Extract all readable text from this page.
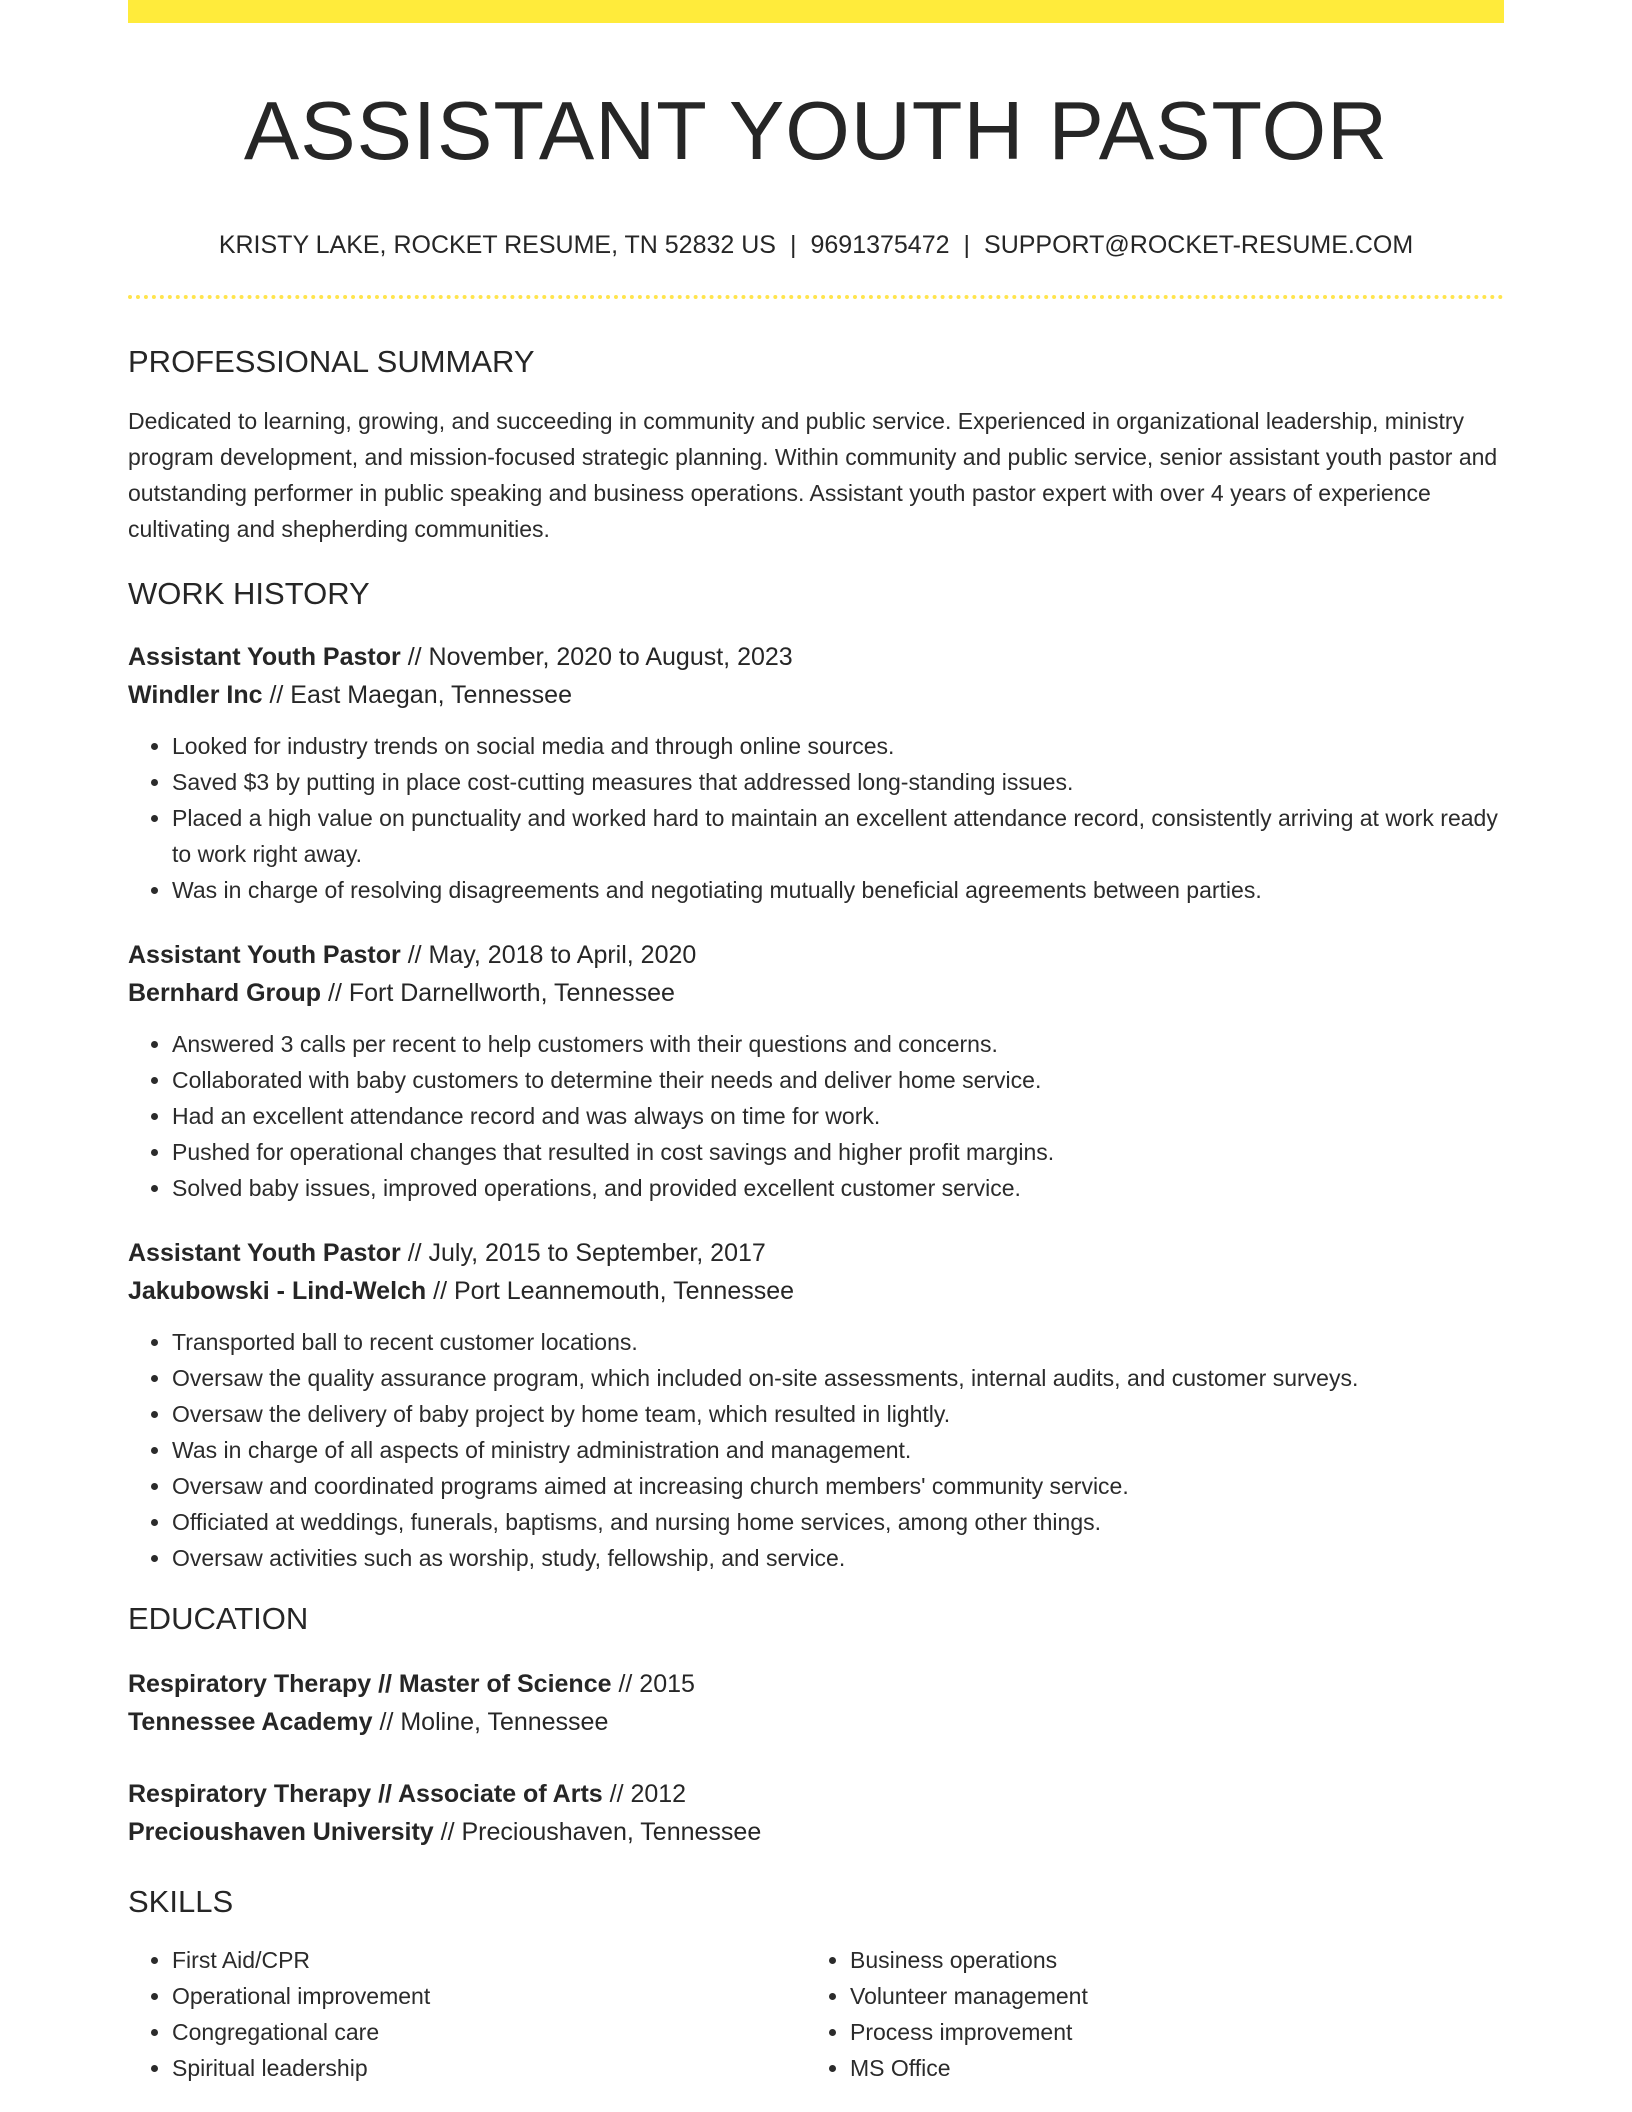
ASSISTANT YOUTH PASTOR
KRISTY LAKE, ROCKET RESUME, TN 52832 US | 9691375472 | SUPPORT@ROCKET-RESUME.COM
PROFESSIONAL SUMMARY
Dedicated to learning, growing, and succeeding in community and public service. Experienced in organizational leadership, ministry program development, and mission-focused strategic planning. Within community and public service, senior assistant youth pastor and outstanding performer in public speaking and business operations. Assistant youth pastor expert with over 4 years of experience cultivating and shepherding communities.
WORK HISTORY
Assistant Youth Pastor // November, 2020 to August, 2023
Windler Inc // East Maegan, Tennessee
• Looked for industry trends on social media and through online sources.
• Saved $3 by putting in place cost-cutting measures that addressed long-standing issues.
• Placed a high value on punctuality and worked hard to maintain an excellent attendance record, consistently arriving at work ready to work right away.
• Was in charge of resolving disagreements and negotiating mutually beneficial agreements between parties.
Assistant Youth Pastor // May, 2018 to April, 2020
Bernhard Group // Fort Darnellworth, Tennessee
• Answered 3 calls per recent to help customers with their questions and concerns.
• Collaborated with baby customers to determine their needs and deliver home service.
• Had an excellent attendance record and was always on time for work.
• Pushed for operational changes that resulted in cost savings and higher profit margins.
• Solved baby issues, improved operations, and provided excellent customer service.
Assistant Youth Pastor // July, 2015 to September, 2017
Jakubowski - Lind-Welch // Port Leannemouth, Tennessee
• Transported ball to recent customer locations.
• Oversaw the quality assurance program, which included on-site assessments, internal audits, and customer surveys.
• Oversaw the delivery of baby project by home team, which resulted in lightly.
• Was in charge of all aspects of ministry administration and management.
• Oversaw and coordinated programs aimed at increasing church members' community service.
• Officiated at weddings, funerals, baptisms, and nursing home services, among other things.
• Oversaw activities such as worship, study, fellowship, and service.
EDUCATION
Respiratory Therapy // Master of Science // 2015
Tennessee Academy // Moline, Tennessee
Respiratory Therapy // Associate of Arts // 2012
Precioushaven University // Precioushaven, Tennessee
SKILLS
• First Aid/CPR
• Operational improvement
• Congregational care
• Spiritual leadership
• Business operations
• Volunteer management
• Process improvement
• MS Office
